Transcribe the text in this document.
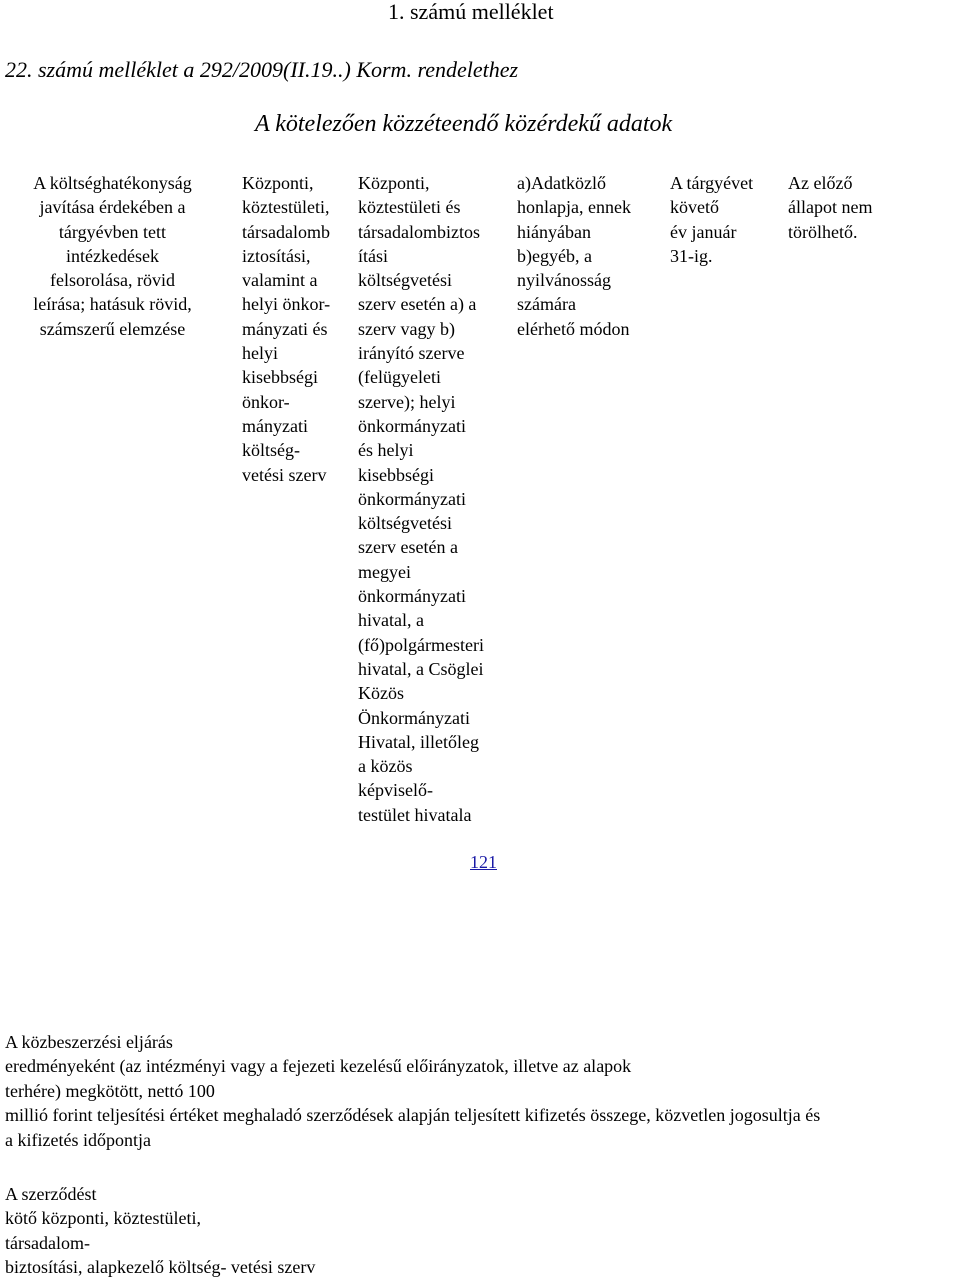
1. számú melléklet
22. számú melléklet a 292/2009(II.19..) Korm. rendelethez
A kötelezően közzéteendő közérdekű adatok
A költséghatékonyság
javítása érdekében a
tárgyévben tett
intézkedések
felsorolása, rövid
leírása; hatásuk rövid,
számszerű elemzése
Központi,
köztestületi,
társadalomb
iztosítási,
valamint a
helyi önkor-
mányzati és
helyi
kisebbségi
önkor-
mányzati
költség-
vetési szerv
Központi,
köztestületi és
társadalombiztos
ítási
költségvetési
szerv esetén a) a
szerv vagy b)
irányító szerve
(felügyeleti
szerve); helyi
önkormányzati
és helyi
kisebbségi
önkormányzati
költségvetési
szerv esetén a
megyei
önkormányzati
hivatal, a
(fő)polgármesteri
hivatal, a Csöglei
Közös
Önkormányzati
Hivatal, illetőleg
a közös
képviselő-
testület hivatala
a)Adatközlő
honlapja, ennek
hiányában
b)egyéb, a
nyilvánosság
számára
elérhető módon
A tárgyévet
követő
év január
31-ig.
Az előző
állapot nem
törölhető.
121
A közbeszerzési eljárás
eredményeként (az intézményi vagy a fejezeti kezelésű előirányzatok, illetve az alapok
terhére) megkötött, nettó 100
millió forint teljesítési értéket meghaladó szerződések alapján teljesített kifizetés összege, közvetlen jogosultja és
a kifizetés időpontja
A szerződést
kötő központi, köztestületi,
társadalom-
biztosítási, alapkezelő költség- vetési szerv
